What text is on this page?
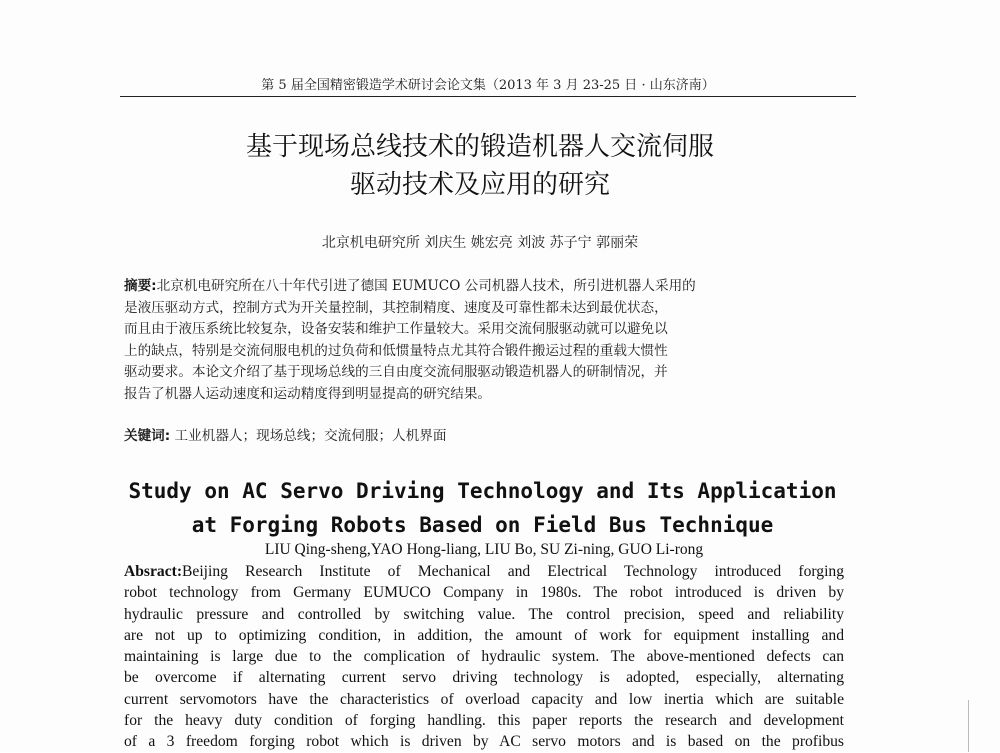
第 5 届全国精密锻造学术研讨会论文集（2013 年 3 月 23-25 日 · 山东济南）
基于现场总线技术的锻造机器人交流伺服
驱动技术及应用的研究
北京机电研究所 刘庆生 姚宏亮 刘波 苏子宁 郭丽荣
摘要:北京机电研究所在八十年代引进了德国 EUMUCO 公司机器人技术，所引进机器人采用的
是液压驱动方式，控制方式为开关量控制，其控制精度、速度及可靠性都未达到最优状态，
而且由于液压系统比较复杂，设备安装和维护工作量较大。采用交流伺服驱动就可以避免以
上的缺点，特别是交流伺服电机的过负荷和低惯量特点尤其符合锻件搬运过程的重载大惯性
驱动要求。本论文介绍了基于现场总线的三自由度交流伺服驱动锻造机器人的研制情况，并
报告了机器人运动速度和运动精度得到明显提高的研究结果。
关键词: 工业机器人；现场总线；交流伺服；人机界面
Study on AC Servo Driving Technology and Its Application
at Forging Robots Based on Field Bus Technique
LIU Qing-sheng,YAO Hong-liang, LIU Bo, SU Zi-ning, GUO Li-rong
Absract:Beijing Research Institute of Mechanical and Electrical Technology introduced forging
robot technology from Germany EUMUCO Company in 1980s. The robot introduced is driven by
hydraulic pressure and controlled by switching value. The control precision, speed and reliability
are not up to optimizing condition, in addition, the amount of work for equipment installing and
maintaining is large due to the complication of hydraulic system. The above-mentioned defects can
be overcome if alternating current servo driving technology is adopted, especially, alternating
current servomotors have the characteristics of overload capacity and low inertia which are suitable
for the heavy duty condition of forging handling. this paper reports the research and development
of a 3 freedom forging robot which is driven by AC servo motors and is based on the profibus
